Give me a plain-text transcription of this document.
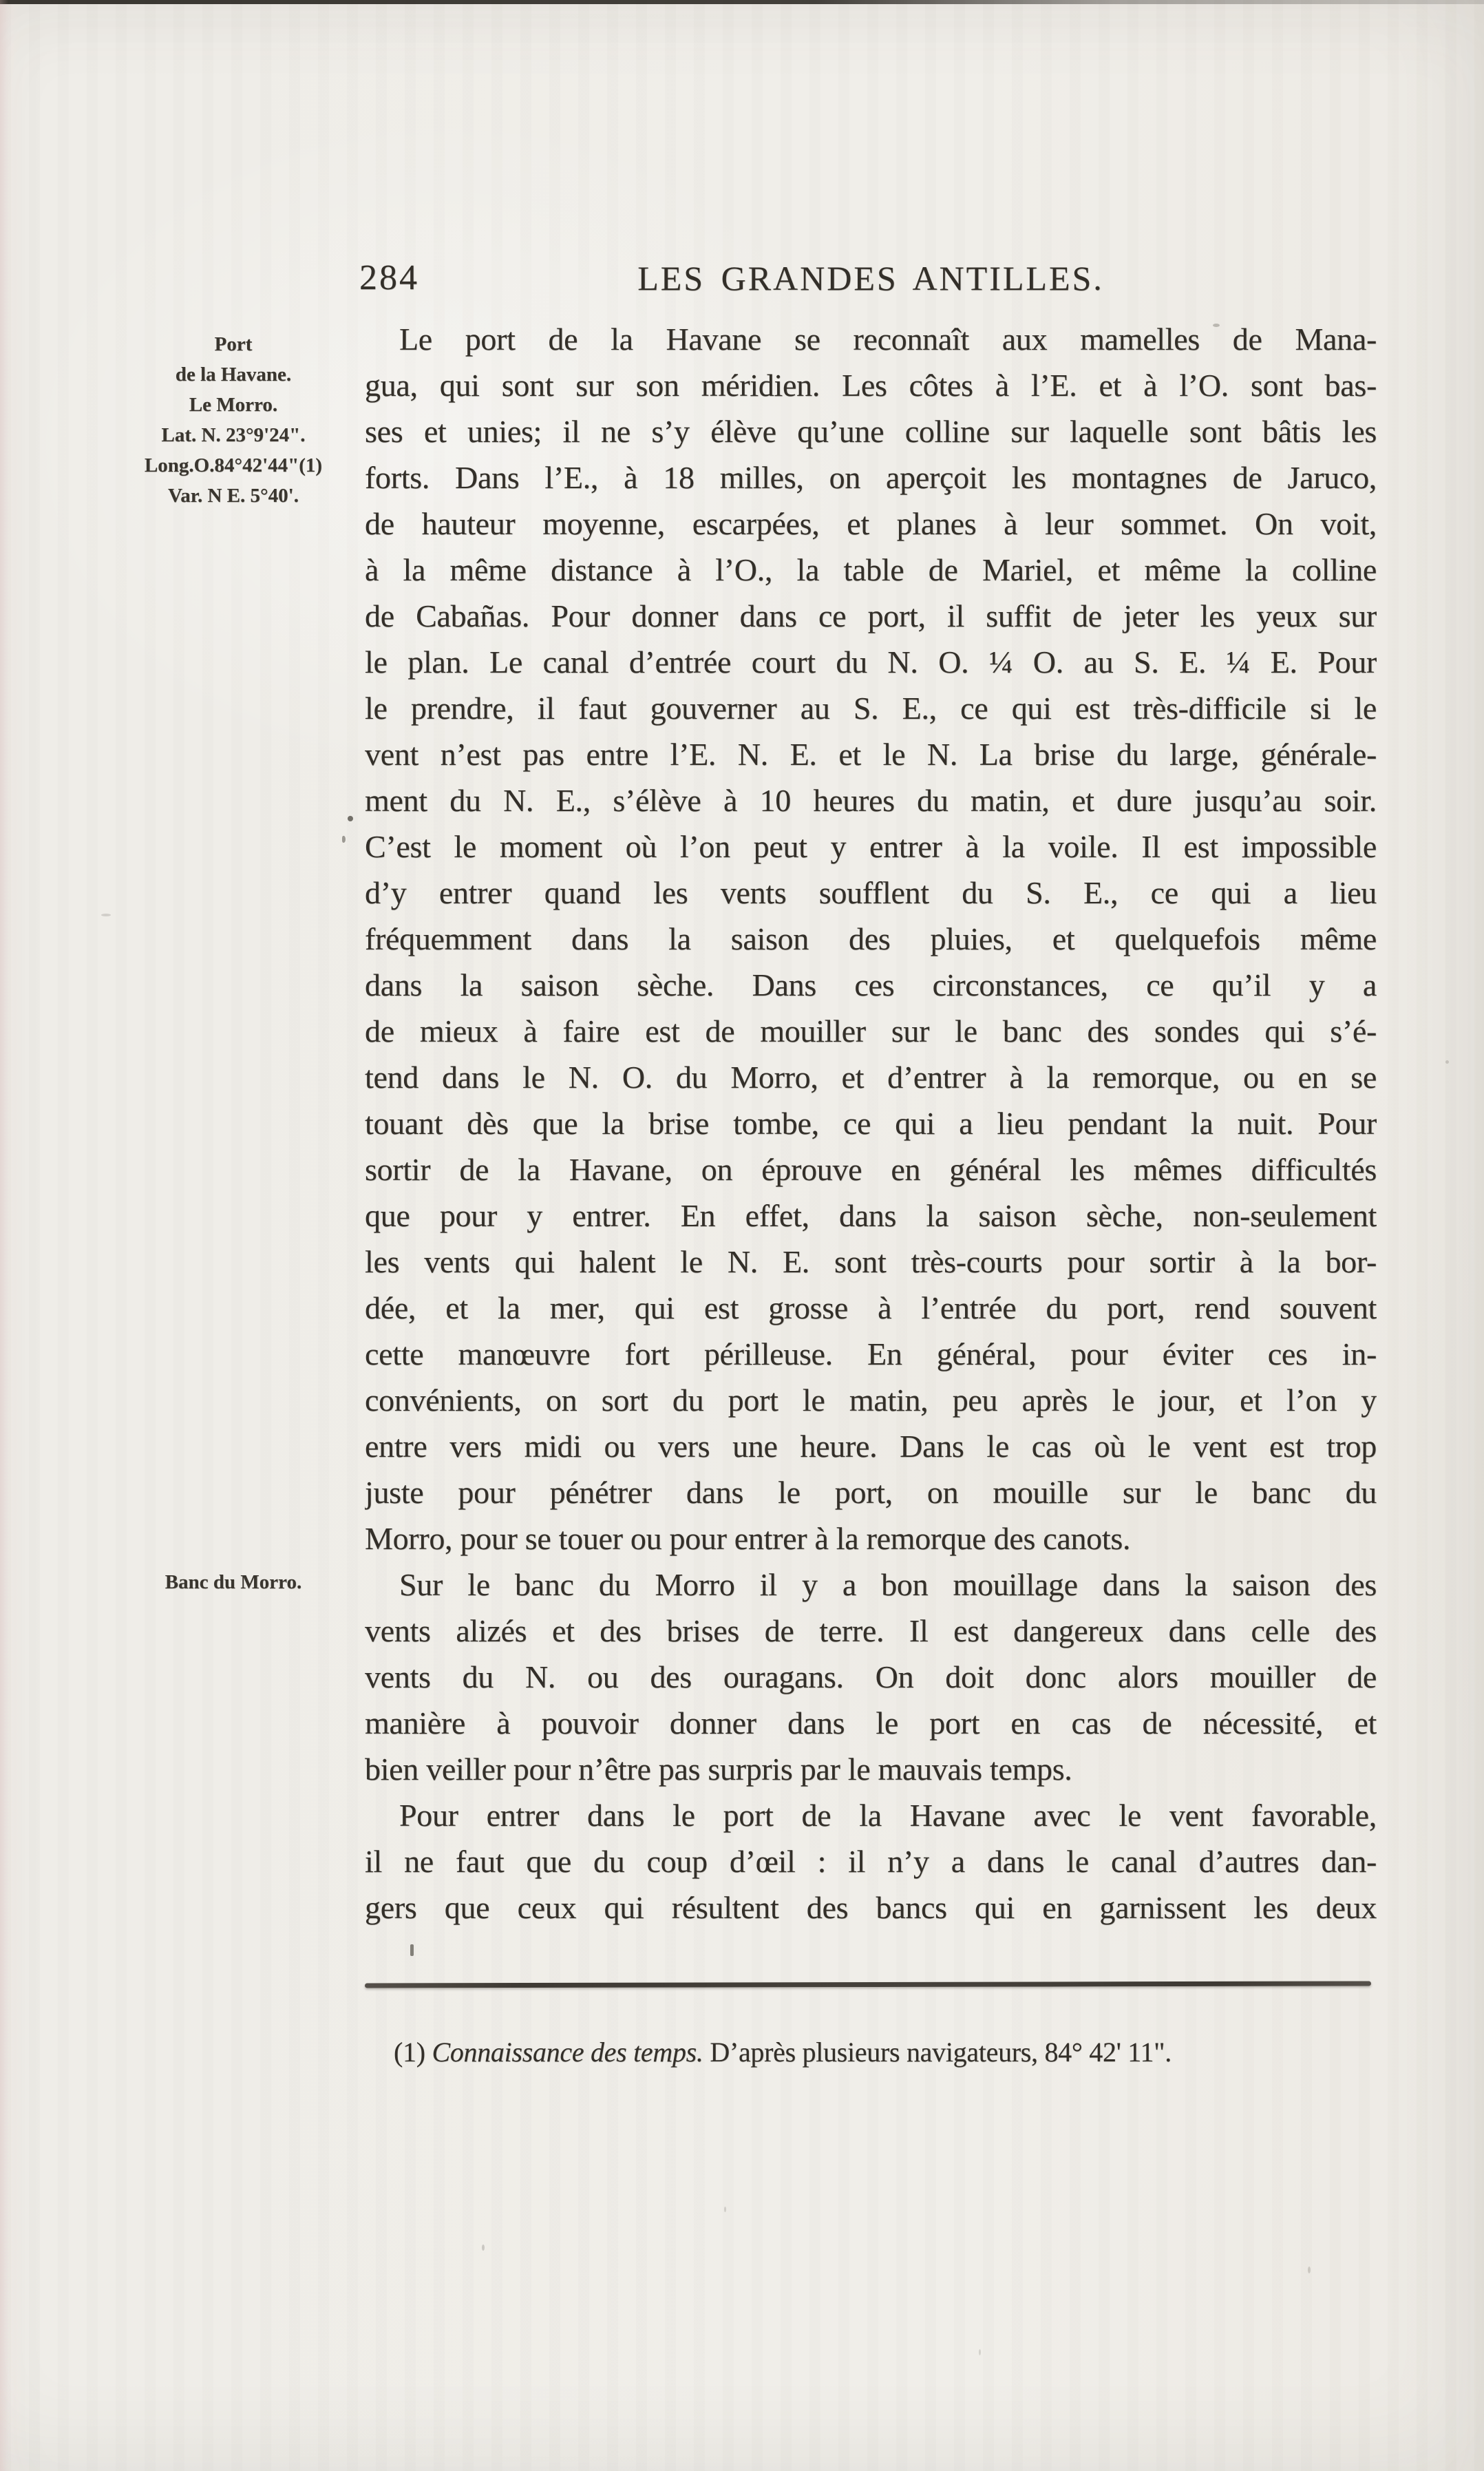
284	LES GRANDES ANTILLES.
Port
de la Havane.
Le Morro.
Lat. N. 23°9'24".
Long.O.84°42'44"(1)
Var. N E. 5°40'.
Banc du Morro.
Le port de la Havane se reconnaît aux mamelles de Mana-
gua, qui sont sur son méridien. Les côtes à l’E. et à l’O. sont bas-
ses et unies; il ne s’y élève qu’une colline sur laquelle sont bâtis les
forts. Dans l’E., à 18 milles, on aperçoit les montagnes de Jaruco,
de hauteur moyenne, escarpées, et planes à leur sommet. On voit,
à la même distance à l’O., la table de Mariel, et même la colline
de Cabañas. Pour donner dans ce port, il suffit de jeter les yeux sur
le plan. Le canal d’entrée court du N. O. ¼ O. au S. E. ¼ E. Pour
le prendre, il faut gouverner au S. E., ce qui est très-difficile si le
vent n’est pas entre l’E. N. E. et le N. La brise du large, générale-
ment du N. E., s’élève à 10 heures du matin, et dure jusqu’au soir.
C’est le moment où l’on peut y entrer à la voile. Il est impossible
d’y entrer quand les vents soufflent du S. E., ce qui a lieu
fréquemment dans la saison des pluies, et quelquefois même
dans la saison sèche. Dans ces circonstances, ce qu’il y a
de mieux à faire est de mouiller sur le banc des sondes qui s’é-
tend dans le N. O. du Morro, et d’entrer à la remorque, ou en se
touant dès que la brise tombe, ce qui a lieu pendant la nuit. Pour
sortir de la Havane, on éprouve en général les mêmes difficultés
que pour y entrer. En effet, dans la saison sèche, non-seulement
les vents qui halent le N. E. sont très-courts pour sortir à la bor-
dée, et la mer, qui est grosse à l’entrée du port, rend souvent
cette manœuvre fort périlleuse. En général, pour éviter ces in-
convénients, on sort du port le matin, peu après le jour, et l’on y
entre vers midi ou vers une heure. Dans le cas où le vent est trop
juste pour pénétrer dans le port, on mouille sur le banc du
Morro, pour se touer ou pour entrer à la remorque des canots.
Sur le banc du Morro il y a bon mouillage dans la saison des
vents alizés et des brises de terre. Il est dangereux dans celle des
vents du N. ou des ouragans. On doit donc alors mouiller de
manière à pouvoir donner dans le port en cas de nécessité, et
bien veiller pour n’être pas surpris par le mauvais temps.
Pour entrer dans le port de la Havane avec le vent favorable,
il ne faut que du coup d’œil : il n’y a dans le canal d’autres dan-
gers que ceux qui résultent des bancs qui en garnissent les deux
(1) Connaissance des temps. D’après plusieurs navigateurs, 84° 42' 11".
